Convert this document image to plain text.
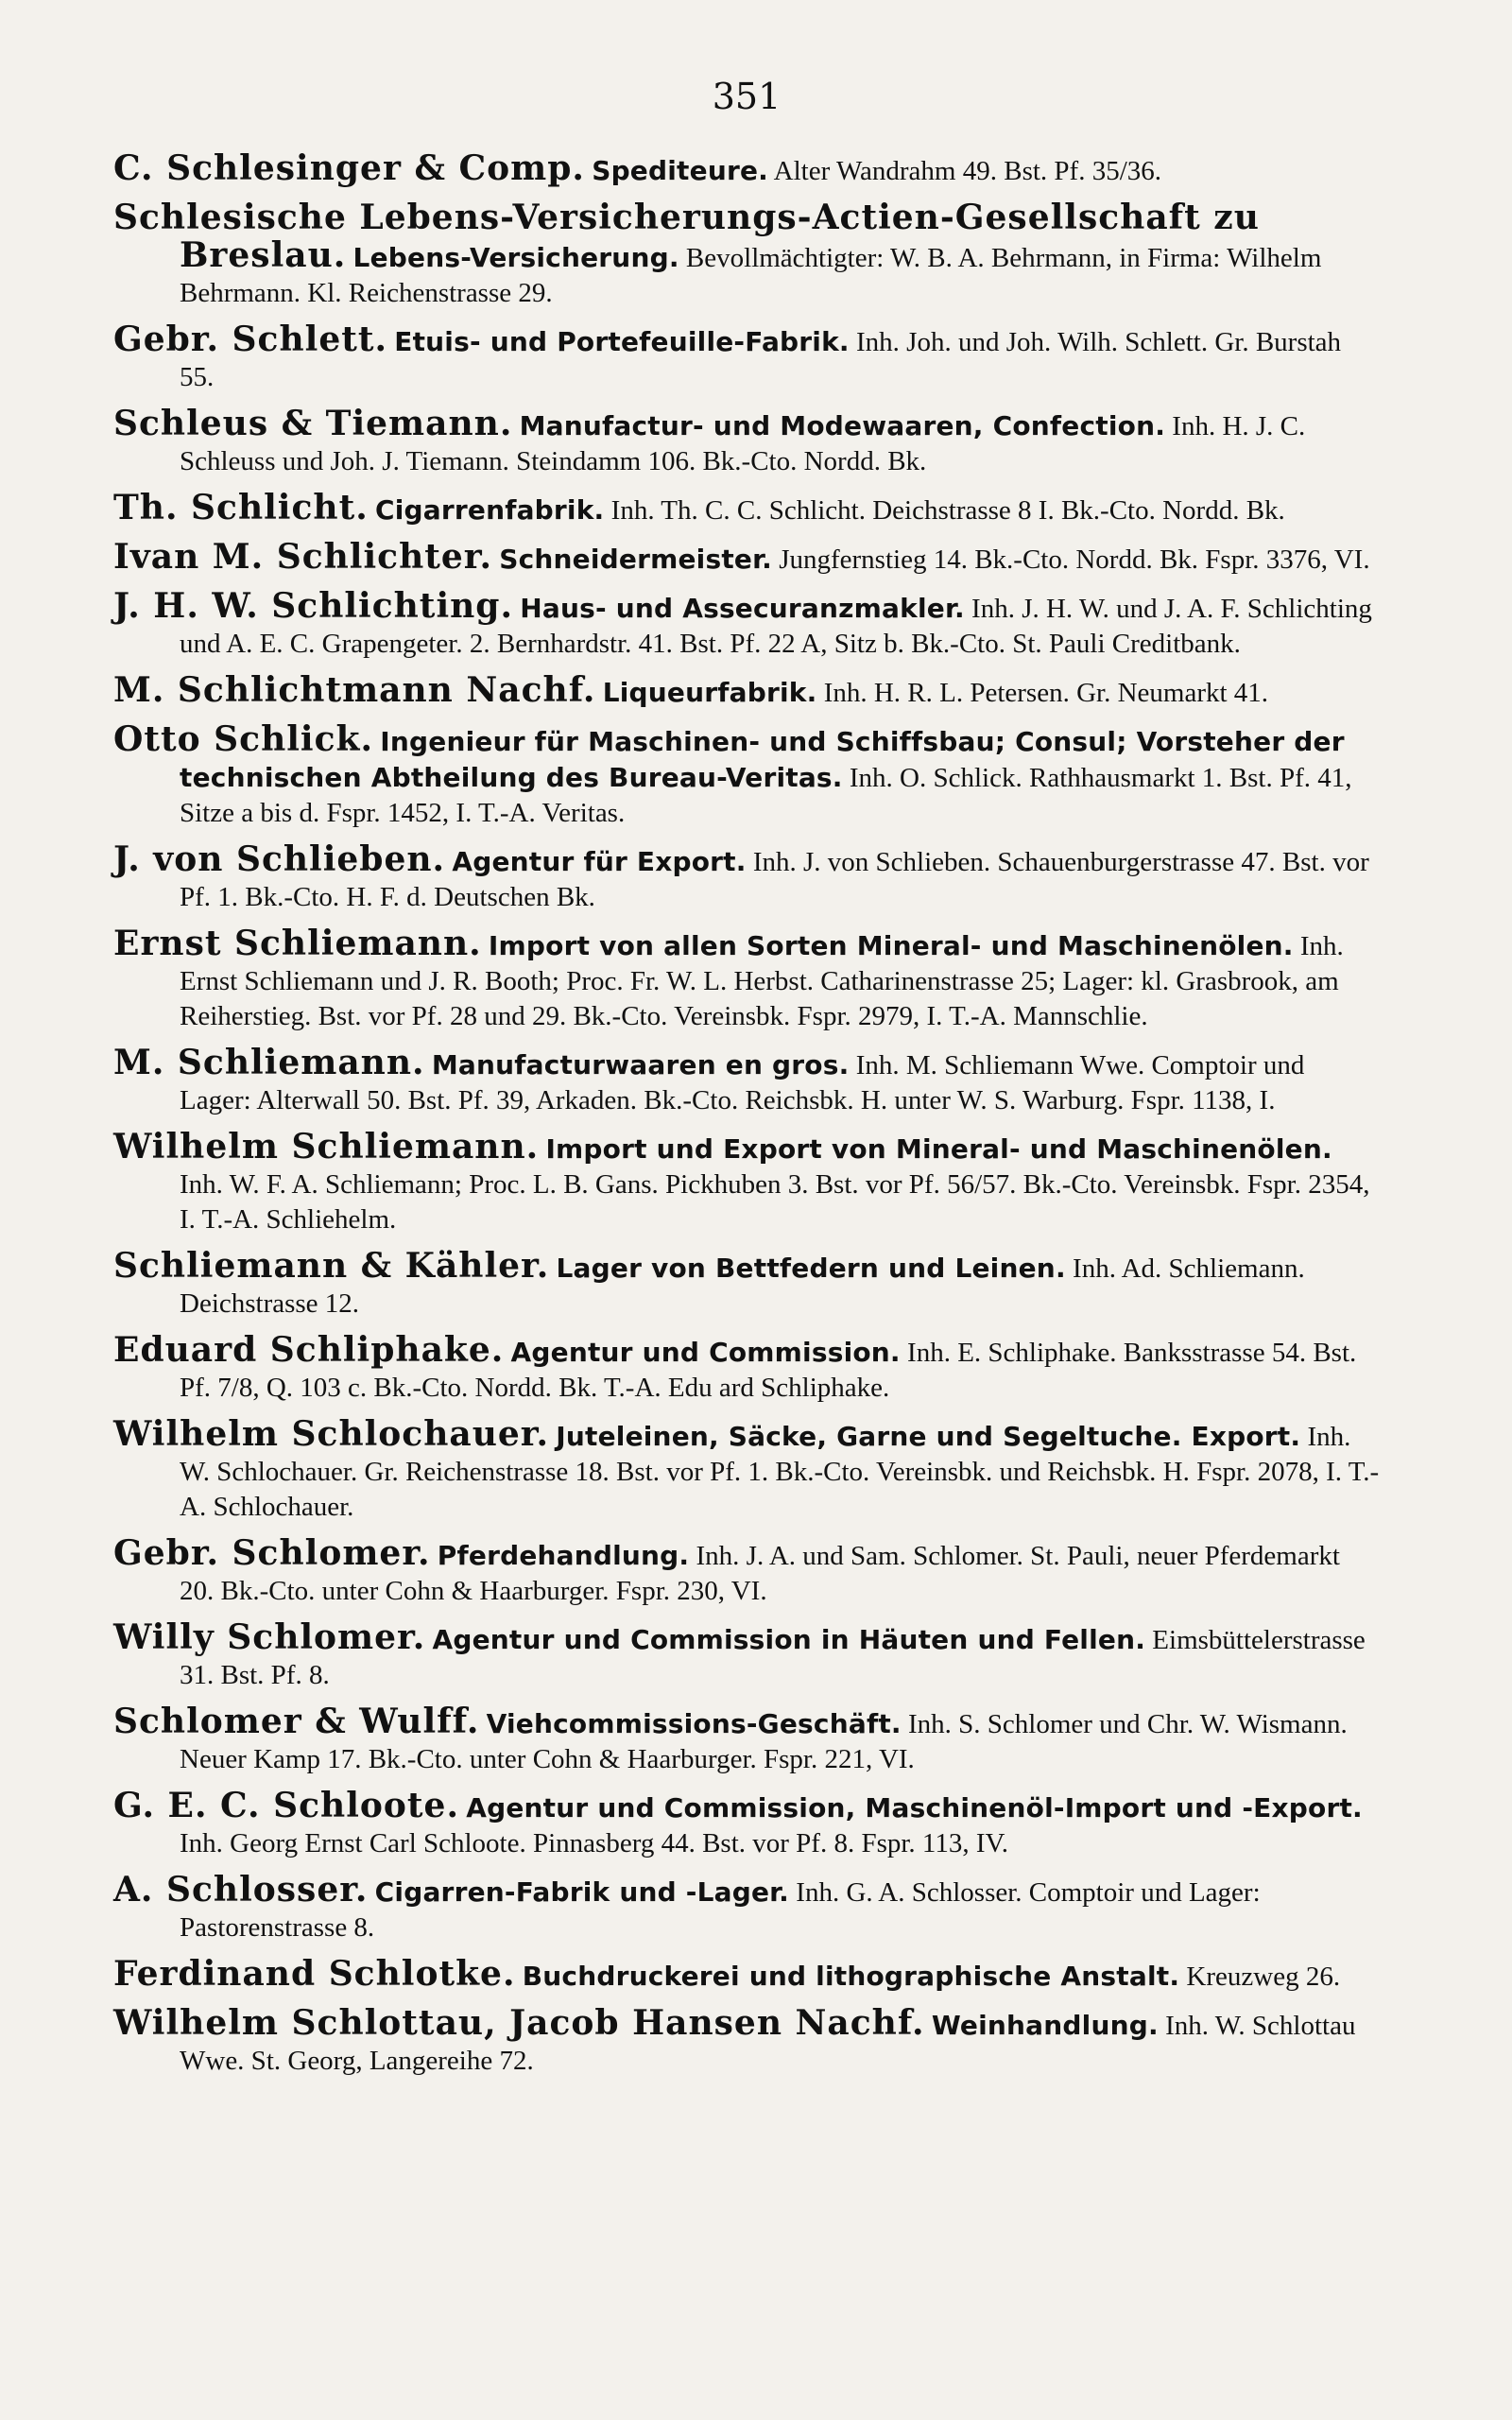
351
C. Schlesinger & Comp. Spediteure. Alter Wandrahm 49. Bst. Pf. 35/36.
Schlesische Lebens-Versicherungs-Actien-Gesellschaft zu Breslau. Lebens-Versicherung. Bevollmächtigter: W. B. A. Behrmann, in Firma: Wilhelm Behrmann. Kl. Reichenstrasse 29.
Gebr. Schlett. Etuis- und Portefeuille-Fabrik. Inh. Joh. und Joh. Wilh. Schlett. Gr. Burstah 55.
Schleus & Tiemann. Manufactur- und Modewaaren, Confection. Inh. H. J. C. Schleuss und Joh. J. Tiemann. Steindamm 106. Bk.-Cto. Nordd. Bk.
Th. Schlicht. Cigarrenfabrik. Inh. Th. C. C. Schlicht. Deichstrasse 8 I. Bk.-Cto. Nordd. Bk.
Ivan M. Schlichter. Schneidermeister. Jungfernstieg 14. Bk.-Cto. Nordd. Bk. Fspr. 3376, VI.
J. H. W. Schlichting. Haus- und Assecuranzmakler. Inh. J. H. W. und J. A. F. Schlichting und A. E. C. Grapengeter. 2. Bernhardstr. 41. Bst. Pf. 22 A, Sitz b. Bk.-Cto. St. Pauli Creditbank.
M. Schlichtmann Nachf. Liqueurfabrik. Inh. H. R. L. Petersen. Gr. Neumarkt 41.
Otto Schlick. Ingenieur für Maschinen- und Schiffsbau; Consul; Vorsteher der technischen Abtheilung des Bureau-Veritas. Inh. O. Schlick. Rathhausmarkt 1. Bst. Pf. 41, Sitze a bis d. Fspr. 1452, I. T.-A. Veritas.
J. von Schlieben. Agentur für Export. Inh. J. von Schlieben. Schauenburgerstrasse 47. Bst. vor Pf. 1. Bk.-Cto. H. F. d. Deutschen Bk.
Ernst Schliemann. Import von allen Sorten Mineral- und Maschinenölen. Inh. Ernst Schliemann und J. R. Booth; Proc. Fr. W. L. Herbst. Catharinenstrasse 25; Lager: kl. Grasbrook, am Reiherstieg. Bst. vor Pf. 28 und 29. Bk.-Cto. Vereinsbk. Fspr. 2979, I. T.-A. Mannschlie.
M. Schliemann. Manufacturwaaren en gros. Inh. M. Schliemann Wwe. Comptoir und Lager: Alterwall 50. Bst. Pf. 39, Arkaden. Bk.-Cto. Reichsbk. H. unter W. S. Warburg. Fspr. 1138, I.
Wilhelm Schliemann. Import und Export von Mineral- und Maschinenölen. Inh. W. F. A. Schliemann; Proc. L. B. Gans. Pickhuben 3. Bst. vor Pf. 56/57. Bk.-Cto. Vereinsbk. Fspr. 2354, I. T.-A. Schliehelm.
Schliemann & Kähler. Lager von Bettfedern und Leinen. Inh. Ad. Schliemann. Deichstrasse 12.
Eduard Schliphake. Agentur und Commission. Inh. E. Schliphake. Banksstrasse 54. Bst. Pf. 7/8, Q. 103 c. Bk.-Cto. Nordd. Bk. T.-A. Edu ard Schliphake.
Wilhelm Schlochauer. Juteleinen, Säcke, Garne und Segeltuche. Export. Inh. W. Schlochauer. Gr. Reichenstrasse 18. Bst. vor Pf. 1. Bk.-Cto. Vereinsbk. und Reichsbk. H. Fspr. 2078, I. T.-A. Schlochauer.
Gebr. Schlomer. Pferdehandlung. Inh. J. A. und Sam. Schlomer. St. Pauli, neuer Pferdemarkt 20. Bk.-Cto. unter Cohn & Haarburger. Fspr. 230, VI.
Willy Schlomer. Agentur und Commission in Häuten und Fellen. Eimsbüttelerstrasse 31. Bst. Pf. 8.
Schlomer & Wulff. Viehcommissions-Geschäft. Inh. S. Schlomer und Chr. W. Wismann. Neuer Kamp 17. Bk.-Cto. unter Cohn & Haarburger. Fspr. 221, VI.
G. E. C. Schloote. Agentur und Commission, Maschinenöl-Import und -Export. Inh. Georg Ernst Carl Schloote. Pinnasberg 44. Bst. vor Pf. 8. Fspr. 113, IV.
A. Schlosser. Cigarren-Fabrik und -Lager. Inh. G. A. Schlosser. Comptoir und Lager: Pastorenstrasse 8.
Ferdinand Schlotke. Buchdruckerei und lithographische Anstalt. Kreuzweg 26.
Wilhelm Schlottau, Jacob Hansen Nachf. Weinhandlung. Inh. W. Schlottau Wwe. St. Georg, Langereihe 72.
